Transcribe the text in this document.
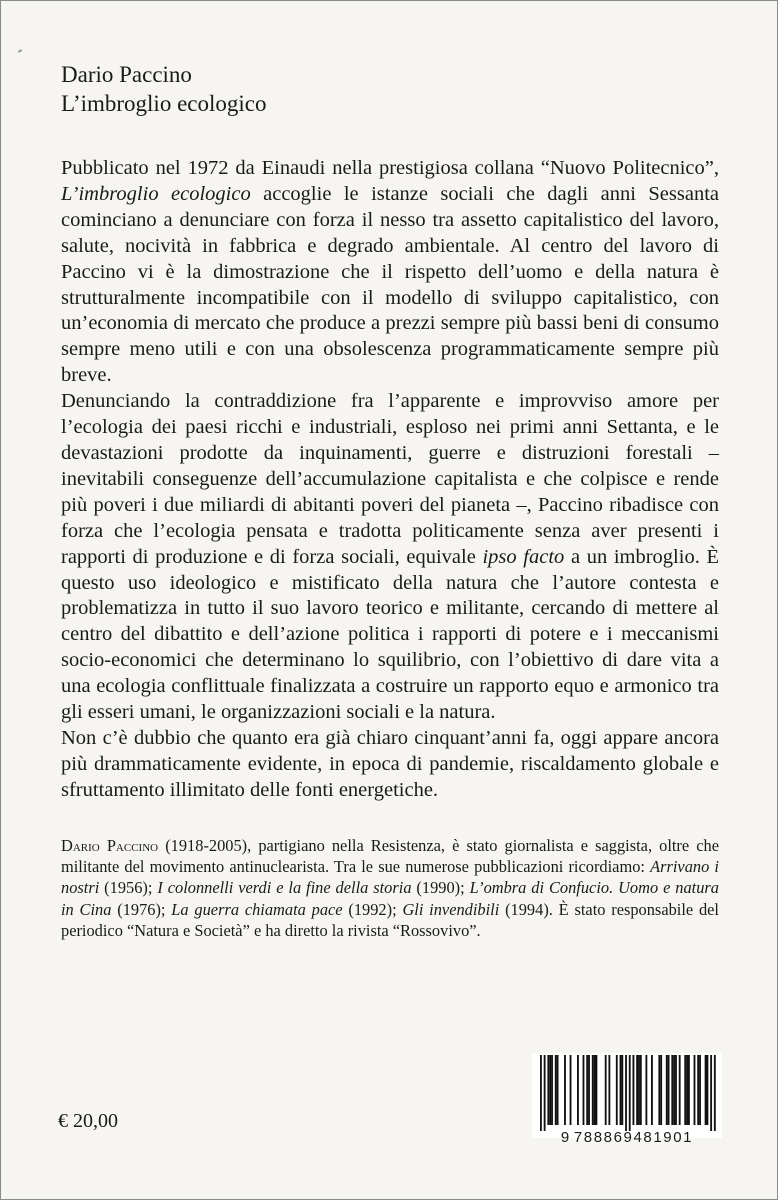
Dario Paccino
L’imbroglio ecologico

Pubblicato nel 1972 da Einaudi nella prestigiosa collana “Nuovo Politecnico”, L’imbroglio ecologico accoglie le istanze sociali che dagli anni Sessanta cominciano a denunciare con forza il nesso tra assetto capitalistico del lavoro, salute, nocività in fabbrica e degrado ambientale. Al centro del lavoro di Paccino vi è la dimostrazione che il rispetto dell’uomo e della natura è strutturalmente incompatibile con il modello di sviluppo capitalistico, con un’economia di mercato che produce a prezzi sempre più bassi beni di consumo sempre meno utili e con una obsolescenza programmaticamente sempre più breve.

Denunciando la contraddizione fra l’apparente e improvviso amore per l’ecologia dei paesi ricchi e industriali, esploso nei primi anni Settanta, e le devastazioni prodotte da inquinamenti, guerre e distruzioni forestali – inevitabili conseguenze dell’accumulazione capitalista e che colpisce e rende più poveri i due miliardi di abitanti poveri del pianeta –, Paccino ribadisce con forza che l’ecologia pensata e tradotta politicamente senza aver presenti i rapporti di produzione e di forza sociali, equivale ipso facto a un imbroglio. È questo uso ideologico e mistificato della natura che l’autore contesta e problematizza in tutto il suo lavoro teorico e militante, cercando di mettere al centro del dibattito e dell’azione politica i rapporti di potere e i meccanismi socio-economici che determinano lo squilibrio, con l’obiettivo di dare vita a una ecologia conflittuale finalizzata a costruire un rapporto equo e armonico tra gli esseri umani, le organizzazioni sociali e la natura.

Non c’è dubbio che quanto era già chiaro cinquant’anni fa, oggi appare ancora più drammaticamente evidente, in epoca di pandemie, riscaldamento globale e sfruttamento illimitato delle fonti energetiche.

Dario Paccino (1918-2005), partigiano nella Resistenza, è stato giornalista e saggista, oltre che militante del movimento antinuclearista. Tra le sue numerose pubblicazioni ricordiamo: Arrivano i nostri (1956); I colonnelli verdi e la fine della storia (1990); L’ombra di Confucio. Uomo e natura in Cina (1976); La guerra chiamata pace (1992); Gli invendibili (1994). È stato responsabile del periodico “Natura e Società” e ha diretto la rivista “Rossovivo”.

€ 20,00
9 788869481901
